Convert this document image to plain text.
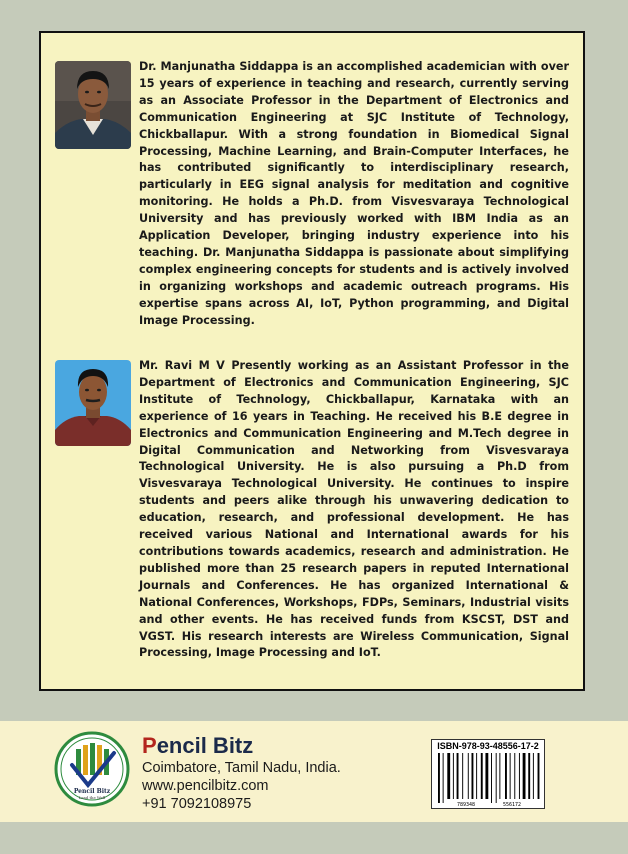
Dr. Manjunatha Siddappa is an accomplished academician with over 15 years of experience in teaching and research, currently serving as an Associate Professor in the Department of Electronics and Communication Engineering at SJC Institute of Technology, Chickballapur. With a strong foundation in Biomedical Signal Processing, Machine Learning, and Brain-Computer Interfaces, he has contributed significantly to interdisciplinary research, particularly in EEG signal analysis for meditation and cognitive monitoring. He holds a Ph.D. from Visvesvaraya Technological University and has previously worked with IBM India as an Application Developer, bringing industry experience into his teaching. Dr. Manjunatha Siddappa is passionate about simplifying complex engineering concepts for students and is actively involved in organizing workshops and academic outreach programs. His expertise spans across AI, IoT, Python programming, and Digital Image Processing.

Mr. Ravi M V Presently working as an Assistant Professor in the Department of Electronics and Communication Engineering, SJC Institute of Technology, Chickballapur, Karnataka with an experience of 16 years in Teaching. He received his B.E degree in Electronics and Communication Engineering and M.Tech degree in Digital Communication and Networking from Visvesvaraya Technological University. He is also pursuing a Ph.D from Visvesvaraya Technological University. He continues to inspire students and peers alike through his unwavering dedication to education, research, and professional development. He has received various National and International awards for his contributions towards academics, research and administration. He published more than 25 research papers in reputed International Journals and Conferences. He has organized International & National Conferences, Workshops, FDPs, Seminars, Industrial visits and other events. He has received funds from KSCST, DST and VGST. His research interests are Wireless Communication, Signal Processing, Image Processing and IoT.

Pencil Bitz
Lead the Well
Pencil Bitz
Coimbatore, Tamil Nadu, India.
www.pencilbitz.com
+91 7092108975
ISBN-978-93-48556-17-2
789348	556172
